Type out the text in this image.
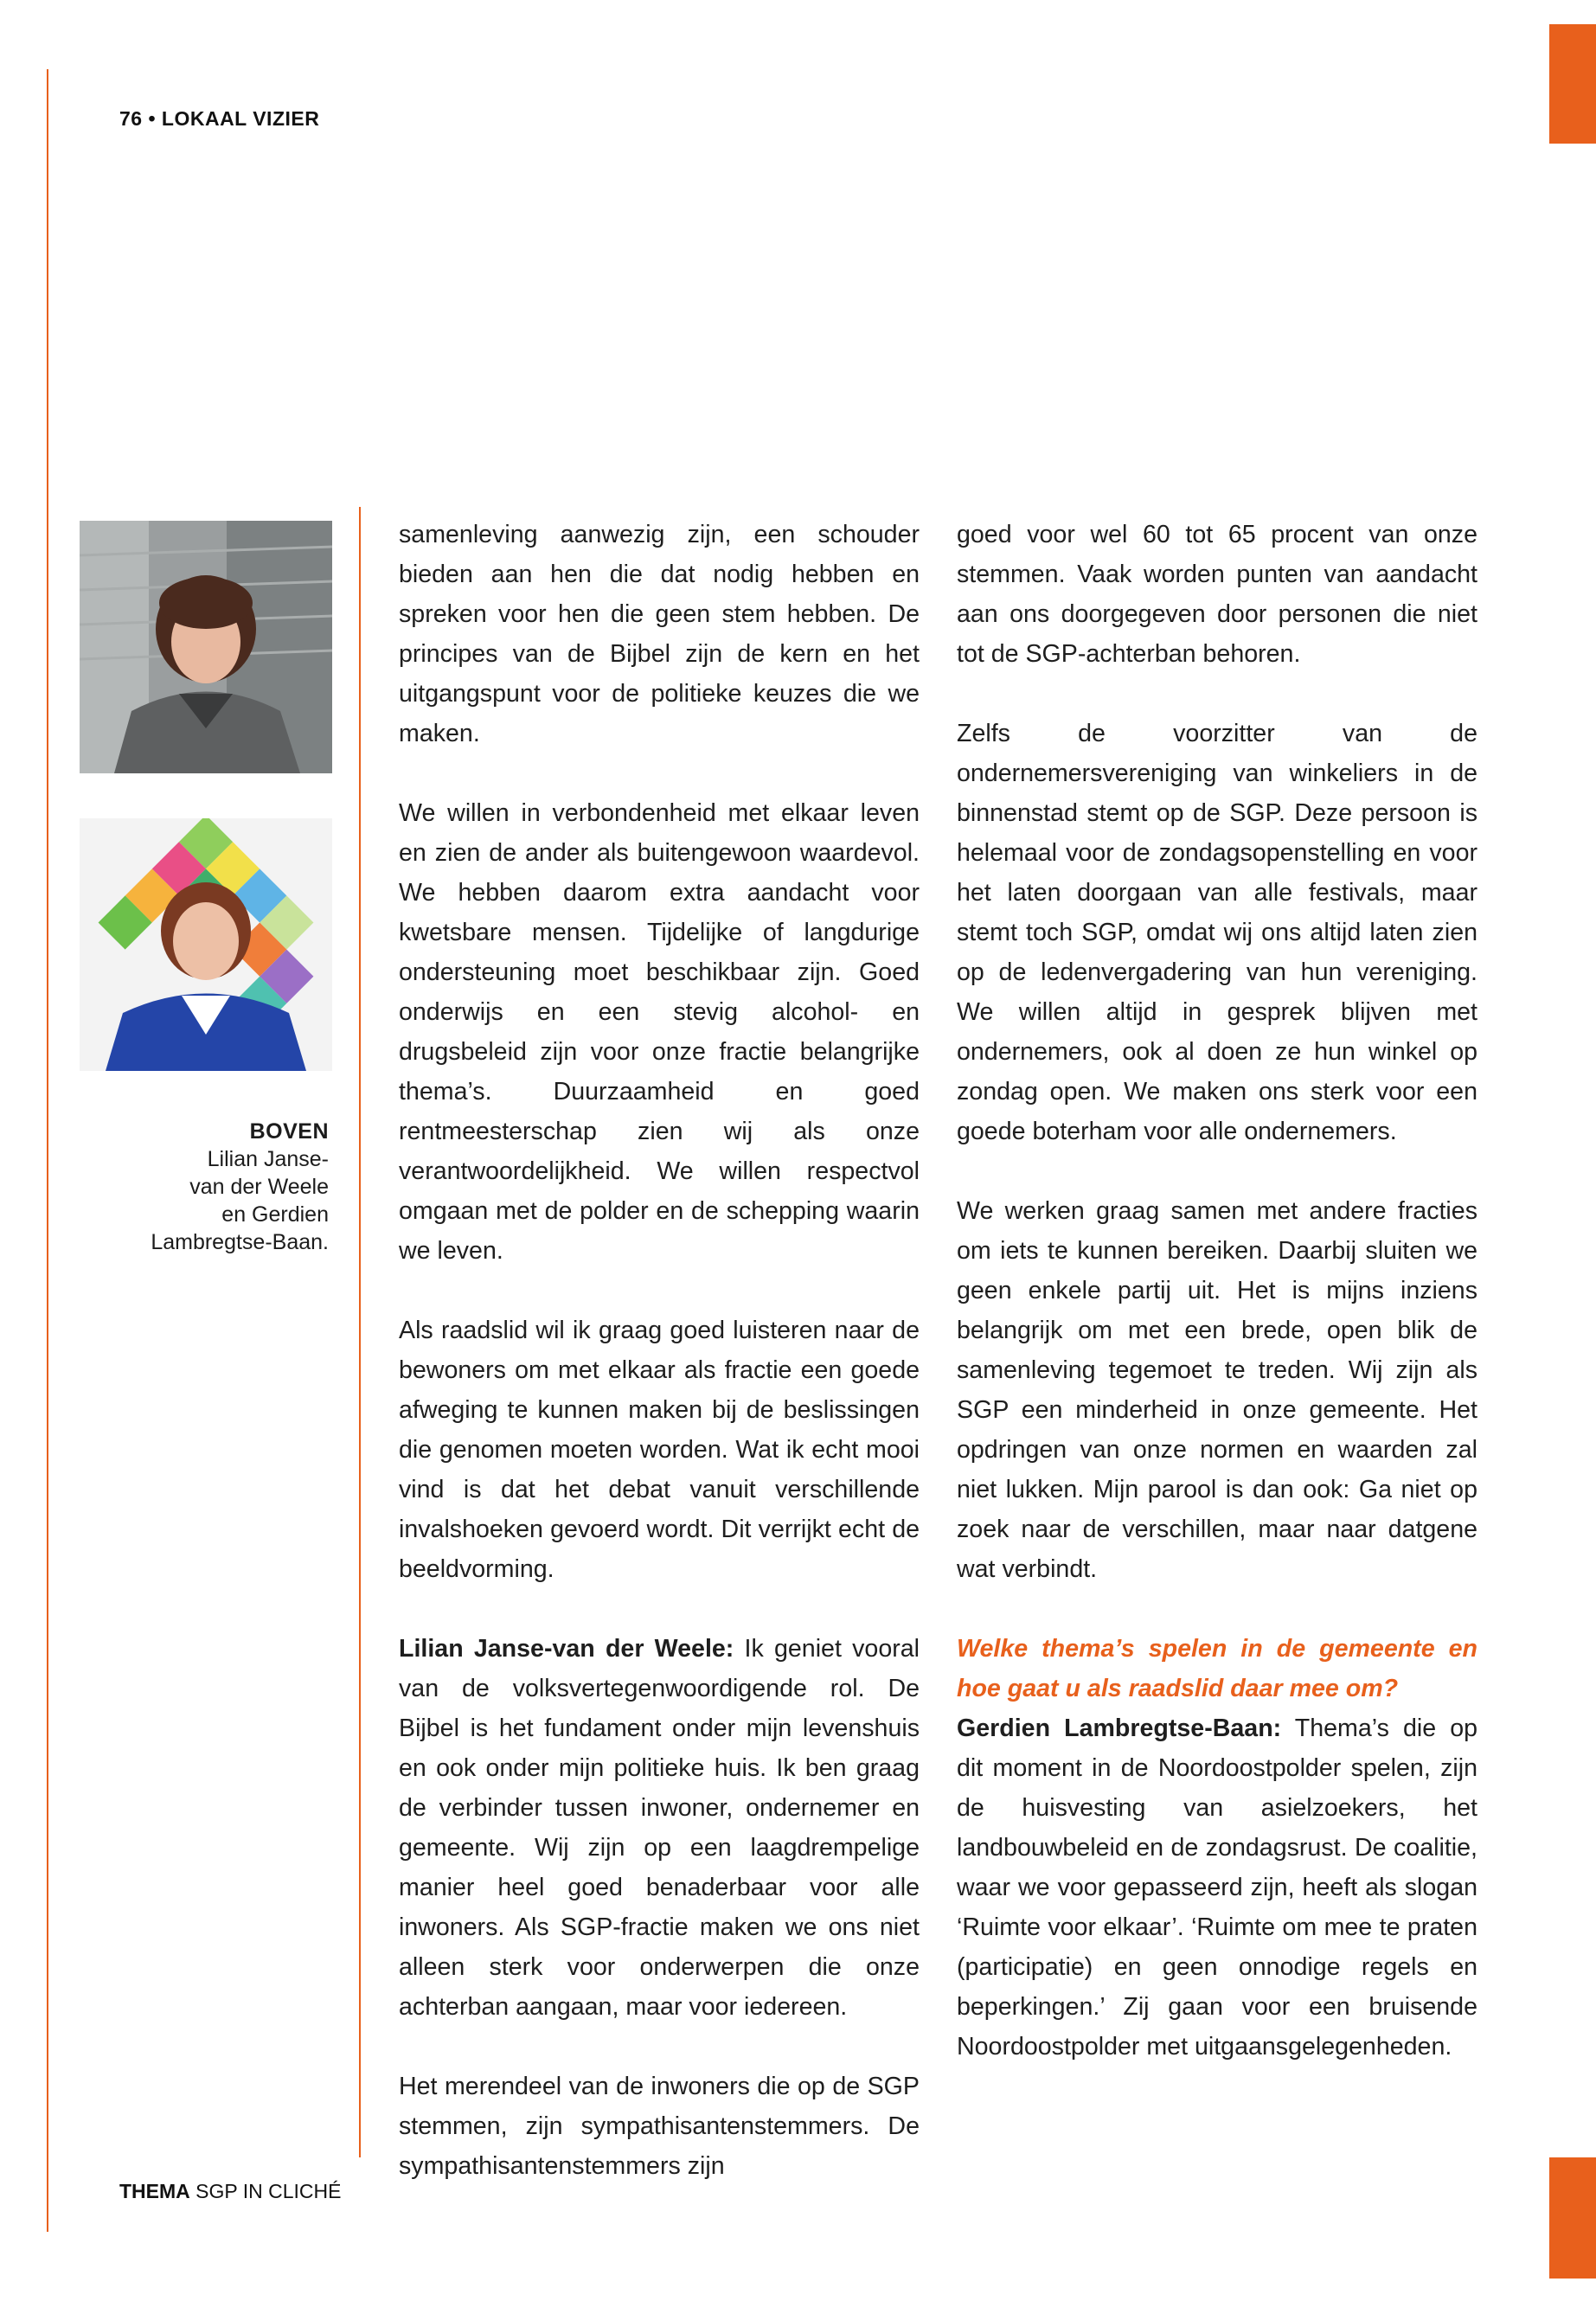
76 • LOKAAL VIZIER
BOVEN
Lilian Janse-
van der Weele
en Gerdien
Lambregtse-Baan.

samenleving aanwezig zijn, een schouder bieden aan hen die dat nodig hebben en spreken voor hen die geen stem hebben. De principes van de Bijbel zijn de kern en het uitgangspunt voor de politieke keuzes die we maken.

We willen in verbondenheid met elkaar leven en zien de ander als buitengewoon waardevol. We hebben daarom extra aandacht voor kwetsbare mensen. Tijdelijke of langdurige ondersteuning moet beschikbaar zijn. Goed onderwijs en een stevig alcohol- en drugsbeleid zijn voor onze fractie belangrijke thema’s. Duurzaamheid en goed rentmeesterschap zien wij als onze verantwoordelijkheid. We willen respectvol omgaan met de polder en de schepping waarin we leven.

Als raadslid wil ik graag goed luisteren naar de bewoners om met elkaar als fractie een goede afweging te kunnen maken bij de beslissingen die genomen moeten worden. Wat ik echt mooi vind is dat het debat vanuit verschillende invalshoeken gevoerd wordt. Dit verrijkt echt de beeldvorming.

Lilian Janse-van der Weele: Ik geniet vooral van de volksvertegenwoordigende rol. De Bijbel is het fundament onder mijn levenshuis en ook onder mijn politieke huis. Ik ben graag de verbinder tussen inwoner, ondernemer en gemeente. Wij zijn op een laagdrempelige manier heel goed benaderbaar voor alle inwoners. Als SGP-fractie maken we ons niet alleen sterk voor onderwerpen die onze achterban aangaan, maar voor iedereen.

Het merendeel van de inwoners die op de SGP stemmen, zijn sympathisantenstemmers. De sympathisantenstemmers zijn

goed voor wel 60 tot 65 procent van onze stemmen. Vaak worden punten van aandacht aan ons doorgegeven door personen die niet tot de SGP-achterban behoren.

Zelfs de voorzitter van de ondernemersvereniging van winkeliers in de binnenstad stemt op de SGP. Deze persoon is helemaal voor de zondagsopenstelling en voor het laten doorgaan van alle festivals, maar stemt toch SGP, omdat wij ons altijd laten zien op de ledenvergadering van hun vereniging. We willen altijd in gesprek blijven met ondernemers, ook al doen ze hun winkel op zondag open. We maken ons sterk voor een goede boterham voor alle ondernemers.

We werken graag samen met andere fracties om iets te kunnen bereiken. Daarbij sluiten we geen enkele partij uit. Het is mijns inziens belangrijk om met een brede, open blik de samenleving tegemoet te treden. Wij zijn als SGP een minderheid in onze gemeente. Het opdringen van onze normen en waarden zal niet lukken. Mijn parool is dan ook: Ga niet op zoek naar de verschillen, maar naar datgene wat verbindt.

Welke thema’s spelen in de gemeente en hoe gaat u als raadslid daar mee om?
Gerdien Lambregtse-Baan: Thema’s die op dit moment in de Noordoostpolder spelen, zijn de huisvesting van asielzoekers, het landbouwbeleid en de zondagsrust. De coalitie, waar we voor gepasseerd zijn, heeft als slogan ‘Ruimte voor elkaar’. ‘Ruimte om mee te praten (participatie) en geen onnodige regels en beperkingen.’ Zij gaan voor een bruisende Noordoostpolder met uitgaansgelegenheden.

THEMA SGP IN CLICHÉ
